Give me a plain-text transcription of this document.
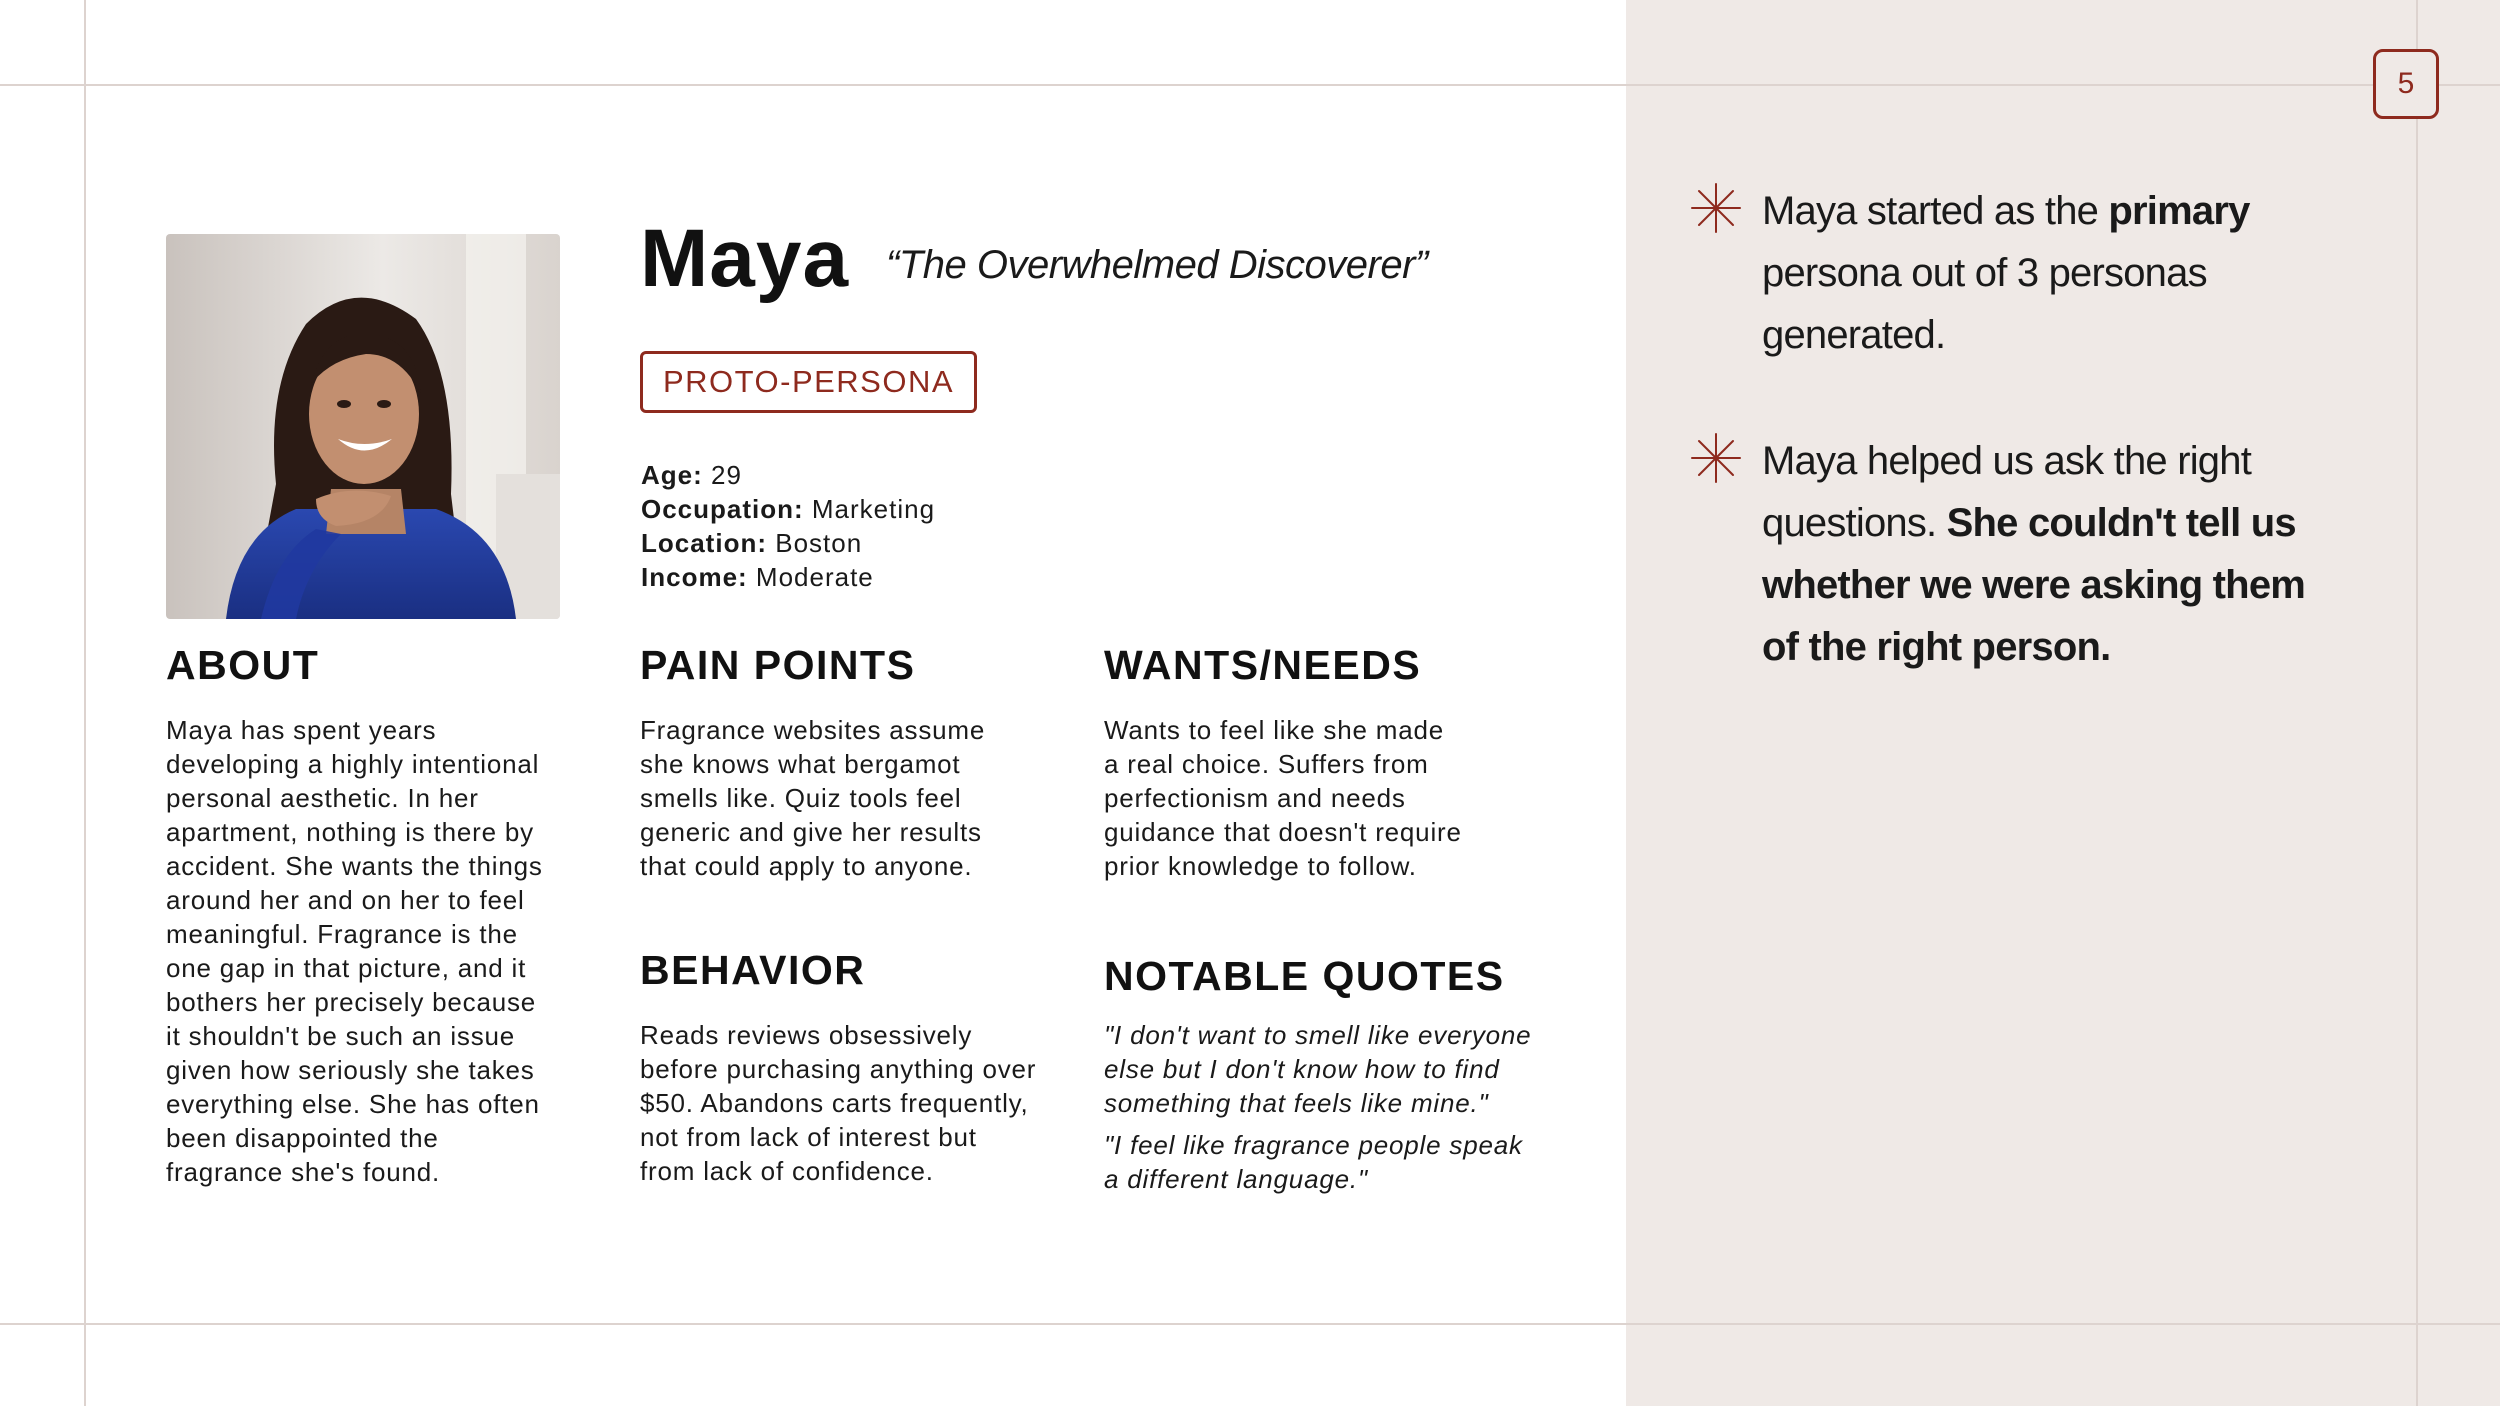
5
Maya “The Overwhelmed Discoverer”
PROTO-PERSONA
Age: 29
Occupation: Marketing
Location: Boston
Income: Moderate
ABOUT
Maya has spent years
developing a highly intentional
personal aesthetic. In her
apartment, nothing is there by
accident. She wants the things
around her and on her to feel
meaningful. Fragrance is the
one gap in that picture, and it
bothers her precisely because
it shouldn't be such an issue
given how seriously she takes
everything else. She has often
been disappointed the
fragrance she's found.
PAIN POINTS
Fragrance websites assume
she knows what bergamot
smells like. Quiz tools feel
generic and give her results
that could apply to anyone.
WANTS/NEEDS
Wants to feel like she made
a real choice. Suffers from
perfectionism and needs
guidance that doesn't require
prior knowledge to follow.
BEHAVIOR
Reads reviews obsessively
before purchasing anything over
$50. Abandons carts frequently,
not from lack of interest but
from lack of confidence.
NOTABLE QUOTES
"I don't want to smell like everyone
else but I don't know how to find
something that feels like mine."
"I feel like fragrance people speak
a different language."
Maya started as the primary
persona out of 3 personas
generated.
Maya helped us ask the right
questions. She couldn't tell us
whether we were asking them
of the right person.
